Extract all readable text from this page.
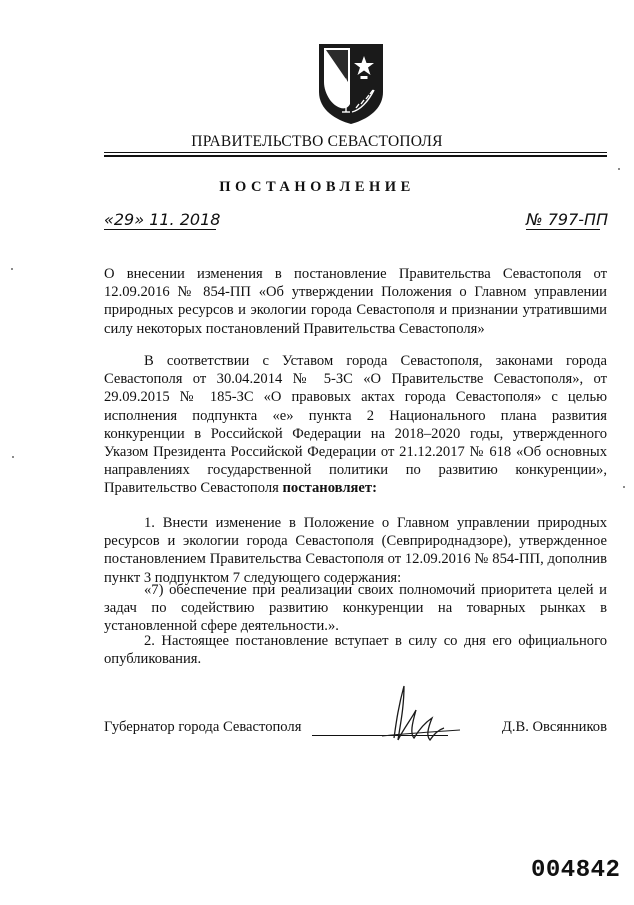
ПРАВИТЕЛЬСТВО СЕВАСТОПОЛЯ
ПОСТАНОВЛЕНИЕ
«29» 11. 2018	№ 797-ПП

О внесении изменения в постановление Правительства Севастополя от 12.09.2016 № 854-ПП «Об утверждении Положения о Главном управлении природных ресурсов и экологии города Севастополя и признании утратившими силу некоторых постановлений Правительства Севастополя»

В соответствии с Уставом города Севастополя, законами города Севастополя от 30.04.2014 № 5-ЗС «О Правительстве Севастополя», от 29.09.2015 № 185-ЗС «О правовых актах города Севастополя» с целью исполнения подпункта «е» пункта 2 Национального плана развития конкуренции в Российской Федерации на 2018–2020 годы, утвержденного Указом Президента Российской Федерации от 21.12.2017 № 618 «Об основных направлениях государственной политики по развитию конкуренции», Правительство Севастополя постановляет:

1. Внести изменение в Положение о Главном управлении природных ресурсов и экологии города Севастополя (Севприроднадзоре), утвержденное постановлением Правительства Севастополя от 12.09.2016 № 854-ПП, дополнив пункт 3 подпунктом 7 следующего содержания:

«7) обеспечение при реализации своих полномочий приоритета целей и задач по содействию развитию конкуренции на товарных рынках в установленной сфере деятельности.».

2. Настоящее постановление вступает в силу со дня его официального опубликования.

Губернатор города Севастополя	Д.В. Овсянников
004842
